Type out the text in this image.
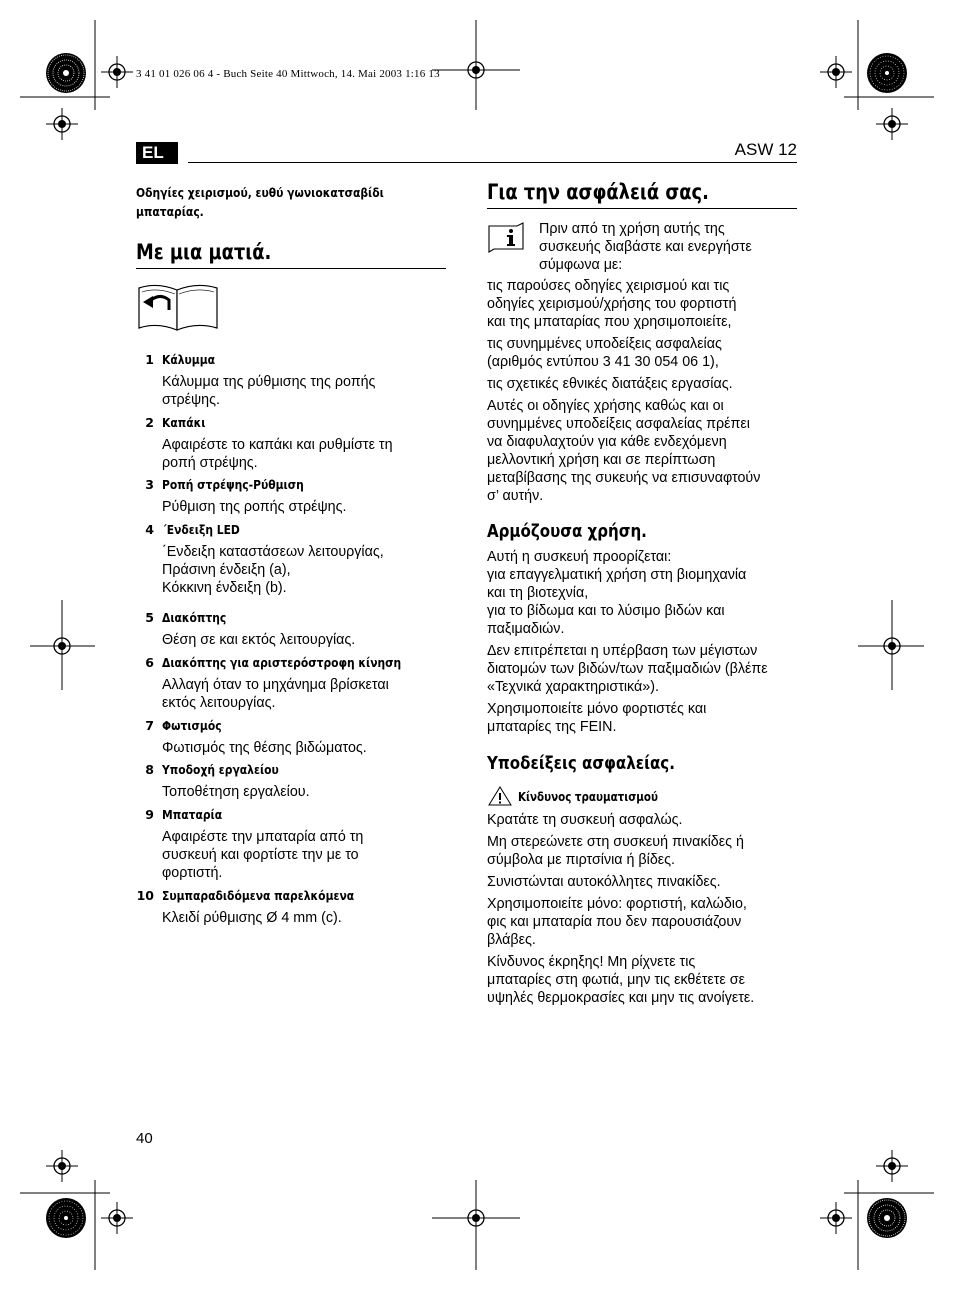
3 41 01 026 06 4 - Buch Seite 40 Mittwoch, 14. Mai 2003 1:16 13
EL	ASW 12
Οδηγίες χειρισμού, ευθύ γωνιοκατσαβίδι
μπαταρίας.
Με μια ματιά.
1 Κάλυμμα
Κάλυμμα της ρύθμισης της ροπής
στρέψης.
2 Καπάκι
Αφαιρέστε το καπάκι και ρυθμίστε τη
ροπή στρέψης.
3 Ροπή στρέψης-Ρύθμιση
Ρύθμιση της ροπής στρέψης.
4 ΄Ενδειξη LED
΄Ενδειξη καταστάσεων λειτουργίας,
Πράσινη ένδειξη (a),
Κόκκινη ένδειξη (b).
5 Διακόπτης
Θέση σε και εκτός λειτουργίας.
6 Διακόπτης για αριστερόστροφη κίνηση
Αλλαγή όταν το μηχάνημα βρίσκεται
εκτός λειτουργίας.
7 Φωτισμός
Φωτισμός της θέσης βιδώματος.
8 Υποδοχή εργαλείου
Τοποθέτηση εργαλείου.
9 Μπαταρία
Αφαιρέστε την μπαταρία από τη
συσκευή και φορτίστε την με το
φορτιστή.
10 Συμπαραδιδόμενα παρελκόμενα
Κλειδί ρύθμισης Ø 4 mm (c).
Για την ασφάλειά σας.
Πριν από τη χρήση αυτής της
συσκευής διαβάστε και ενεργήστε
σύμφωνα με:

τις παρούσες οδηγίες χειρισμού και τις
οδηγίες χειρισμού/χρήσης του φορτιστή
και της μπαταρίας που χρησιμοποιείτε,

τις συνημμένες υποδείξεις ασφαλείας
(αριθμός εντύπου 3 41 30 054 06 1),

τις σχετικές εθνικές διατάξεις εργασίας.

Αυτές οι οδηγίες χρήσης καθώς και οι
συνημμένες υποδείξεις ασφαλείας πρέπει
να διαφυλαχτούν για κάθε ενδεχόμενη
μελλοντική χρήση και σε περίπτωση
μεταβίβασης της συκευής να επισυναφτούν
σ’ αυτήν.

Αρμόζουσα χρήση.

Αυτή η συσκευή προορίζεται:
για επαγγελματική χρήση στη βιομηχανία
και τη βιοτεχνία,
για το βίδωμα και το λύσιμο βιδών και
παξιμαδιών.

Δεν επιτρέπεται η υπέρβαση των μέγιστων
διατομών των βιδών/των παξιμαδιών (βλέπε
«Τεχνικά χαρακτηριστικά»).

Χρησιμοποιείτε μόνο φορτιστές και
μπαταρίες της FEIN.

Υποδείξεις ασφαλείας.
Κίνδυνος τραυματισμού

Κρατάτε τη συσκευή ασφαλώς.

Μη στερεώνετε στη συσκευή πινακίδες ή
σύμβολα με πιρτσίνια ή βίδες.

Συνιστώνται αυτοκόλλητες πινακίδες.

Χρησιμοποιείτε μόνο: φορτιστή, καλώδιο,
φις και μπαταρία που δεν παρουσιάζουν
βλάβες.

Κίνδυνος έκρηξης! Μη ρίχνετε τις
μπαταρίες στη φωτιά, μην τις εκθέτετε σε
υψηλές θερμοκρασίες και μην τις ανοίγετε.

40
